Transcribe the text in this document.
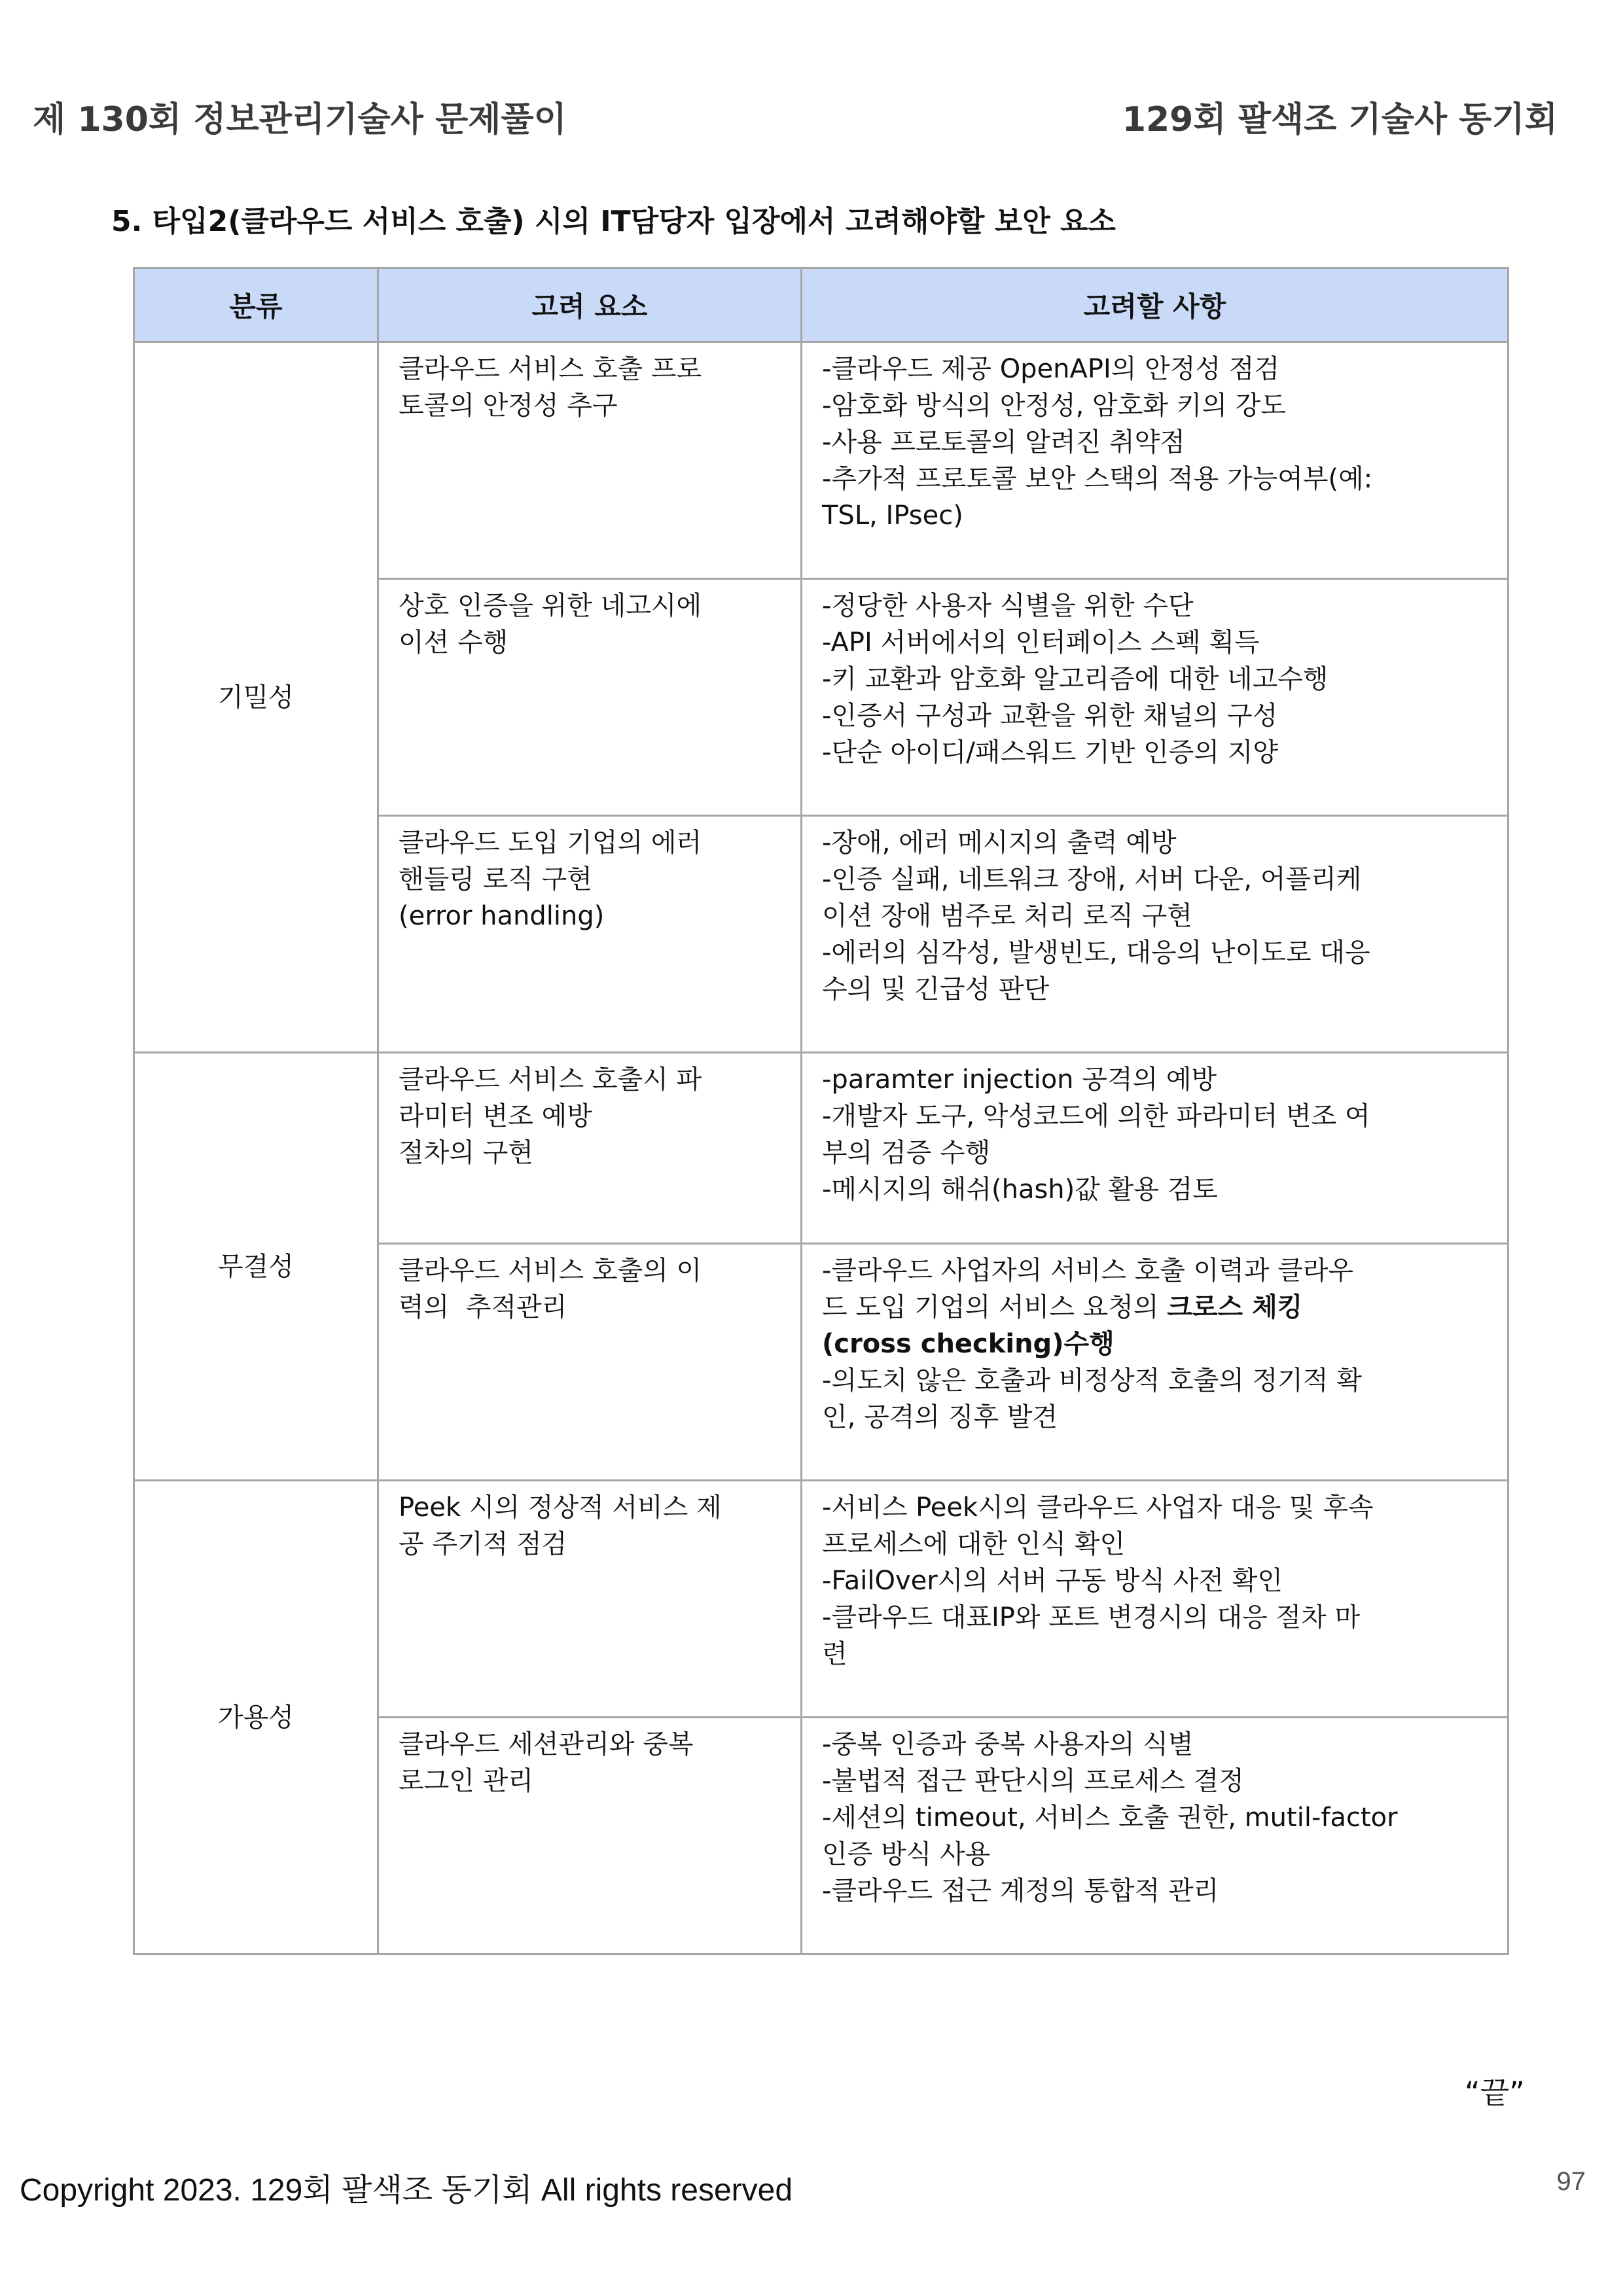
제 130회 정보관리기술사 문제풀이	129회 팔색조 기술사 동기회
5. 타입2(클라우드 서비스 호출) 시의 IT담당자 입장에서 고려해야할 보안 요소
분류	고려 요소	고려할 사항
기밀성	클라우드 서비스 호출 프로
토콜의 안정성 추구	-클라우드 제공 OpenAPI의 안정성 점검
-암호화 방식의 안정성, 암호화 키의 강도
-사용 프로토콜의 알려진 취약점
-추가적 프로토콜 보안 스택의 적용 가능여부(예:
TSL, IPsec)

	상호 인증을 위한 네고시에
이션 수행	-정당한 사용자 식별을 위한 수단
-API 서버에서의 인터페이스 스펙 획득
-키 교환과 암호화 알고리즘에 대한 네고수행
-인증서 구성과 교환을 위한 채널의 구성
-단순 아이디/패스워드 기반 인증의 지양

	클라우드 도입 기업의 에러
핸들링 로직 구현
(error handling)	-장애, 에러 메시지의 출력 예방
-인증 실패, 네트워크 장애, 서버 다운, 어플리케
이션 장애 범주로 처리 로직 구현
-에러의 심각성, 발생빈도, 대응의 난이도로 대응
수의 및 긴급성 판단

무결성	클라우드 서비스 호출시 파
라미터 변조 예방
절차의 구현	-paramter injection 공격의 예방
-개발자 도구, 악성코드에 의한 파라미터 변조 여
부의 검증 수행
-메시지의 해쉬(hash)값 활용 검토

	클라우드 서비스 호출의 이
력의  추적관리	-클라우드 사업자의 서비스 호출 이력과 클라우
드 도입 기업의 서비스 요청의 크로스 체킹
(cross checking)수행
-의도치 않은 호출과 비정상적 호출의 정기적 확
인, 공격의 징후 발견

가용성	Peek 시의 정상적 서비스 제
공 주기적 점검	-서비스 Peek시의 클라우드 사업자 대응 및 후속
프로세스에 대한 인식 확인
-FailOver시의 서버 구동 방식 사전 확인
-클라우드 대표IP와 포트 변경시의 대응 절차 마
련

	클라우드 세션관리와 중복
로그인 관리	-중복 인증과 중복 사용자의 식별
-불법적 접근 판단시의 프로세스 결정
-세션의 timeout, 서비스 호출 권한, mutil-factor
인증 방식 사용
-클라우드 접근 계정의 통합적 관리
“끝”
Copyright 2023. 129회 팔색조 동기회 All rights reserved	97
